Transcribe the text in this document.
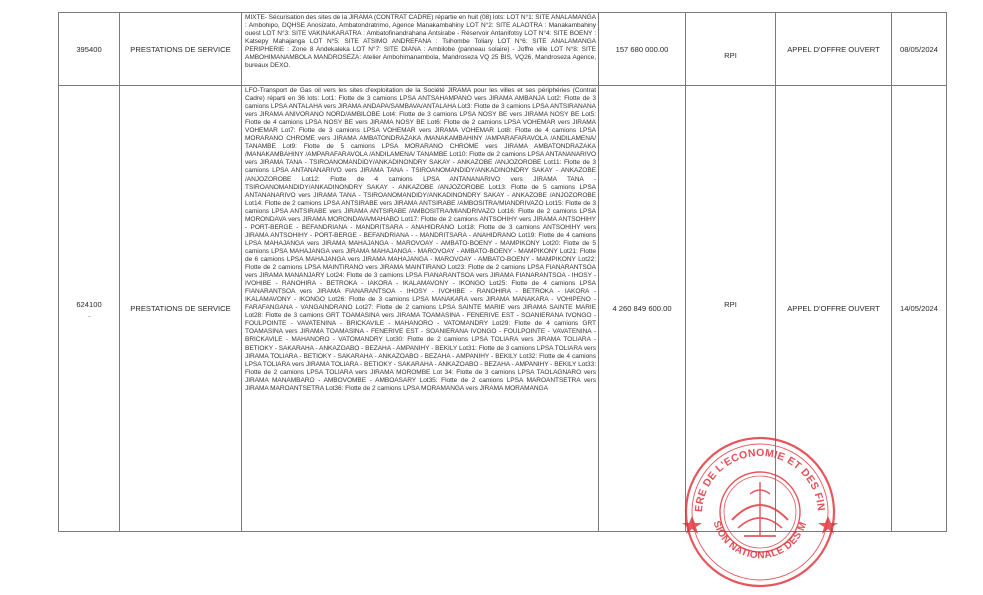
395400	PRESTATIONS DE SERVICE	MIXTE- Sécurisation des sites de la JIRAMA (CONTRAT CADRE) répartie en huit (08) lots: LOT N°1: SITE ANALAMANGA : Ambohipo, DQHSE Anosizato, Ambatondratrimo, Agence Manakambahiny LOT N°2: SITE ALAOTRA : Manakambahiny ouest LOT N°3: SITE VAKINAKARATRA : Ambatofinandrahana Antsirabe - Réservoir Antanifotsy LOT N°4: SITE BOENY : Katsepy Mahajanga LOT N°5: SITE ATSIMO ANDREFANA : Tsihombe Toliary LOT N°6: SITE ANALAMANGA PERIPHERIE : Zone 8 Andekaleka LOT N°7: SITE DIANA : Ambilobe (panneau solaire) - Joffre ville LOT N°8: SITE AMBOHIMANAMBOLA MANDROSEZA: Atelier Ambohimanambola, Mandroseza VQ 25 BIS, VQ26, Mandroseza Agence, bureaux DEXO.	157 680 000.00	RPI	APPEL D'OFFRE OUVERT	08/05/2024

624100	PRESTATIONS DE SERVICE	LFO-Transport de Gas oil vers les sites d'exploitation de la Société JIRAMA pour les villes et ses périphéries (Contrat Cadre) réparti en 36 lots: Lot1: Flotte de 3 camions LPSA ANTSAHAMPANO vers JIRAMA AMBANJA Lot2: Flotte de 3 camions LPSA ANTALAHA vers JIRAMA ANDAPA/SAMBAVA/ANTALAHA Lot3: Flotte de 3 camions LPSA ANTSIRANANA vers JIRAMA ANIVORANO NORD/AMBILOBE Lot4: Flotte de 3 camions LPSA NOSY BE vers JIRAMA NOSY BE Lot5: Flotte de 4 camions LPSA NOSY BE vers JIRAMA NOSY BE Lot6: Flotte de 2 camions LPSA VOHEMAR vers JIRAMA VOHEMAR Lot7: Flotte de 3 camions LPSA VOHEMAR vers JIRAMA VOHEMAR Lot8: Flotte de 4 camions LPSA MORARANO CHROME vers JIRAMA AMBATONDRAZAKA /MANAKAMBAHINY /AMPARAFARAVOLA /ANDILAMENA/ TANAMBE Lot9: Flotte de 5 camions LPSA MORARANO CHROME vers JIRAMA AMBATONDRAZAKA /MANAKAMBAHINY /AMPARAFARAVOLA /ANDILAMENA/ TANAMBE Lot10: Flotte de 2 camions LPSA ANTANANARIVO vers JIRAMA TANA - TSIROANOMANDIDY/ANKADINONDRY SAKAY - ANKAZOBE /ANJOZOROBE Lot11: Flotte de 3 camions LPSA ANTANANARIVO vers JIRAMA TANA - TSIROANOMANDIDY/ANKADINONDRY SAKAY - ANKAZOBE /ANJOZOROBE Lot12: Flotte de 4 camions LPSA ANTANANARIVO vers JIRAMA TANA - TSIROANOMANDIDY/ANKADINONDRY SAKAY - ANKAZOBE /ANJOZOROBE Lot13: Flotte de 5 camions LPSA ANTANANARIVO vers JIRAMA TANA - TSIROANOMANDIDY/ANKADINONDRY SAKAY - ANKAZOBE /ANJOZOROBE Lot14: Flotte de 2 camions LPSA ANTSIRABE vers JIRAMA ANTSIRABE /AMBOSITRA/MIANDRIVAZO Lot15: Flotte de 3 camions LPSA ANTSIRABE vers JIRAMA ANTSIRABE /AMBOSITRA/MIANDRIVAZO Lot16: Flotte de 2 camions LPSA MORONDAVA vers JIRAMA MORONDAVA/MAHABO Lot17: Flotte de 2 camions ANTSOHIHY vers JIRAMA ANTSOHIHY - PORT-BERGE - BEFANDRIANA - MANDRITSARA - ANAHIDRANO Lot18: Flotte de 3 camions ANTSOHIHY vers JIRAMA ANTSOHIHY - PORT-BERGE - BEFANDRIANA - - MANDRITSARA - ANAHIDRANO Lot19: Flotte de 4 camions LPSA MAHAJANGA vers JIRAMA MAHAJANGA - MAROVOAY - AMBATO-BOENY - MAMPIKONY Lot20: Flotte de 5 camions LPSA MAHAJANGA vers JIRAMA MAHAJANGA - MAROVOAY - AMBATO-BOENY - MAMPIKONY Lot21: Flotte de 6 camions LPSA MAHAJANGA vers JIRAMA MAHAJANGA - MAROVOAY - AMBATO-BOENY - MAMPIKONY Lot22: Flotte de 2 camions LPSA MAINTIRANO vers JIRAMA MAINTIRANO Lot23: Flotte de 2 camions LPSA FIANARANTSOA vers JIRAMA MANANJARY Lot24: Flotte de 3 camions LPSA FIANARANTSOA vers JIRAMA FIANARANTSOA - IHOSY - IVOHIBE - RANOHIRA - BETROKA - IAKORA - IKALAMAVONY - IKONGO Lot25: Flotte de 4 camions LPSA FIANARANTSOA vers JIRAMA FIANARANTSOA - IHOSY - IVOHIBE - RANOHIRA - BETROKA - IAKORA - IKALAMAVONY - IKONGO Lot26: Flotte de 3 camions LPSA MANAKARA vers JIRAMA MANAKARA - VOHIPENO - FARAFANGANA - VANGAINDRANO Lot27: Flotte de 2 camions LPSA SAINTE MARIE vers JIRAMA SAINTE MARIE Lot28: Flotte de 3 camions GRT TOAMASINA vers JIRAMA TOAMASINA - FENERIVE EST - SOANIERANA IVONGO - FOULPOINTE - VAVATENINA - BRICKAVILE - MAHANORO - VATOMANDRY Lot29: Flotte de 4 camions GRT TOAMASINA vers JIRAMA TOAMASINA - FENERIVE EST - SOANIERANA IVONGO - FOULPOINTE - VAVATENINA - BRICKAVILE - MAHANORO - VATOMANDRY Lot30: Flotte de 2 camions LPSA TOLIARA vers JIRAMA TOLIARA - BETIOKY - SAKARAHA - ANKAZOABO - BEZAHA - AMPANIHY - BEKILY Lot31: Flotte de 3 camions LPSA TOLIARA vers JIRAMA TOLIARA - BETIOKY - SAKARAHA - ANKAZOABO - BEZAHA - AMPANIHY - BEKILY Lot32: Flotte de 4 camions LPSA TOLIARA vers JIRAMA TOLIARA - BETIOKY - SAKARAHA - ANKAZOABO - BEZAHA - AMPANIHY - BEKILY Lot33: Flotte de 2 camions LPSA TOLIARA vers JIRAMA MOROMBE Lot 34: Flotte de 3 camions LPSA TAOLAGNARO vers JIRAMA MANAMBARO - AMBOVOMBE - AMBOASARY Lot35: Flotte de 2 camions LPSA MAROANTSETRA vers JIRAMA MAROANTSETRA Lot36: Flotte de 2 camions LPSA MORAMANGA vers JIRAMA MORAMANGA	4 260 849 600.00	RPI	APPEL D'OFFRE OUVERT	14/05/2024
ERE DE L'ECONOMIE ET DES FIN
SION NATIONALE DES M
